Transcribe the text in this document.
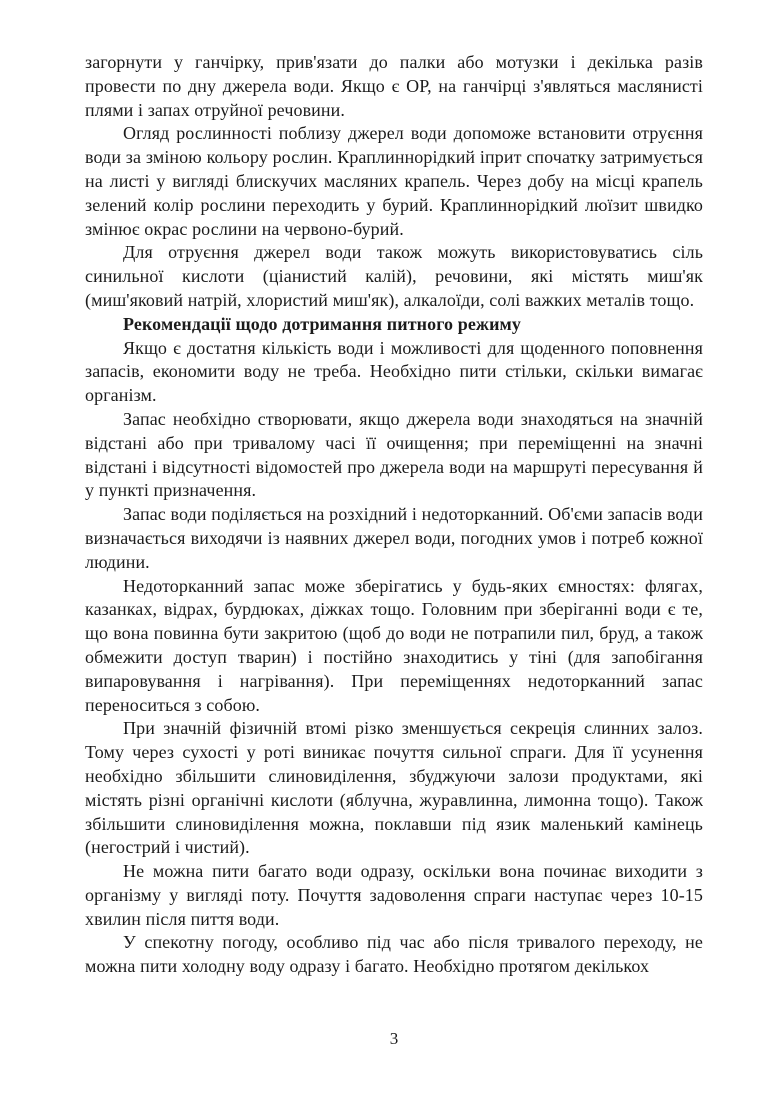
загорнути у ганчірку, прив'язати до палки або мотузки і декілька разів провести по дну джерела води. Якщо є ОР, на ганчірці з'являться маслянисті плями і запах отруйної речовини.

Огляд рослинності поблизу джерел води допоможе встановити отруєння води за зміною кольору рослин. Краплиннорідкий іприт спочатку затримується на листі у вигляді блискучих масляних крапель. Через добу на місці крапель зелений колір рослини переходить у бурий. Краплиннорідкий люїзит швидко змінює окрас рослини на червоно-бурий.

Для отруєння джерел води також можуть використовуватись сіль синильної кислоти (ціанистий калій), речовини, які містять миш'як (миш'яковий натрій, хлористий миш'як), алкалоїди, солі важких металів тощо.

Рекомендації щодо дотримання питного режиму

Якщо є достатня кількість води і можливості для щоденного поповнення запасів, економити воду не треба. Необхідно пити стільки, скільки вимагає організм.

Запас необхідно створювати, якщо джерела води знаходяться на значній відстані або при тривалому часі її очищення; при переміщенні на значні відстані і відсутності відомостей про джерела води на маршруті пересування й у пункті призначення.

Запас води поділяється на розхідний і недоторканний. Об'єми запасів води визначається виходячи із наявних джерел води, погодних умов і потреб кожної людини.

Недоторканний запас може зберігатись у будь-яких ємностях: флягах, казанках, відрах, бурдюках, діжках тощо. Головним при зберіганні води є те, що вона повинна бути закритою (щоб до води не потрапили пил, бруд, а також обмежити доступ тварин) і постійно знаходитись у тіні (для запобігання випаровування і нагрівання). При переміщеннях недоторканний запас переноситься з собою.

При значній фізичній втомі різко зменшується секреція слинних залоз. Тому через сухості у роті виникає почуття сильної спраги. Для її усунення необхідно збільшити слиновиділення, збуджуючи залози продуктами, які містять різні органічні кислоти (яблучна, журавлинна, лимонна тощо). Також збільшити слиновиділення можна, поклавши під язик маленький камінець (негострий і чистий).

Не можна пити багато води одразу, оскільки вона починає виходити з організму у вигляді поту. Почуття задоволення спраги наступає через 10-15 хвилин після пиття води.

У спекотну погоду, особливо під час або після тривалого переходу, не можна пити холодну воду одразу і багато. Необхідно протягом декількох

3
